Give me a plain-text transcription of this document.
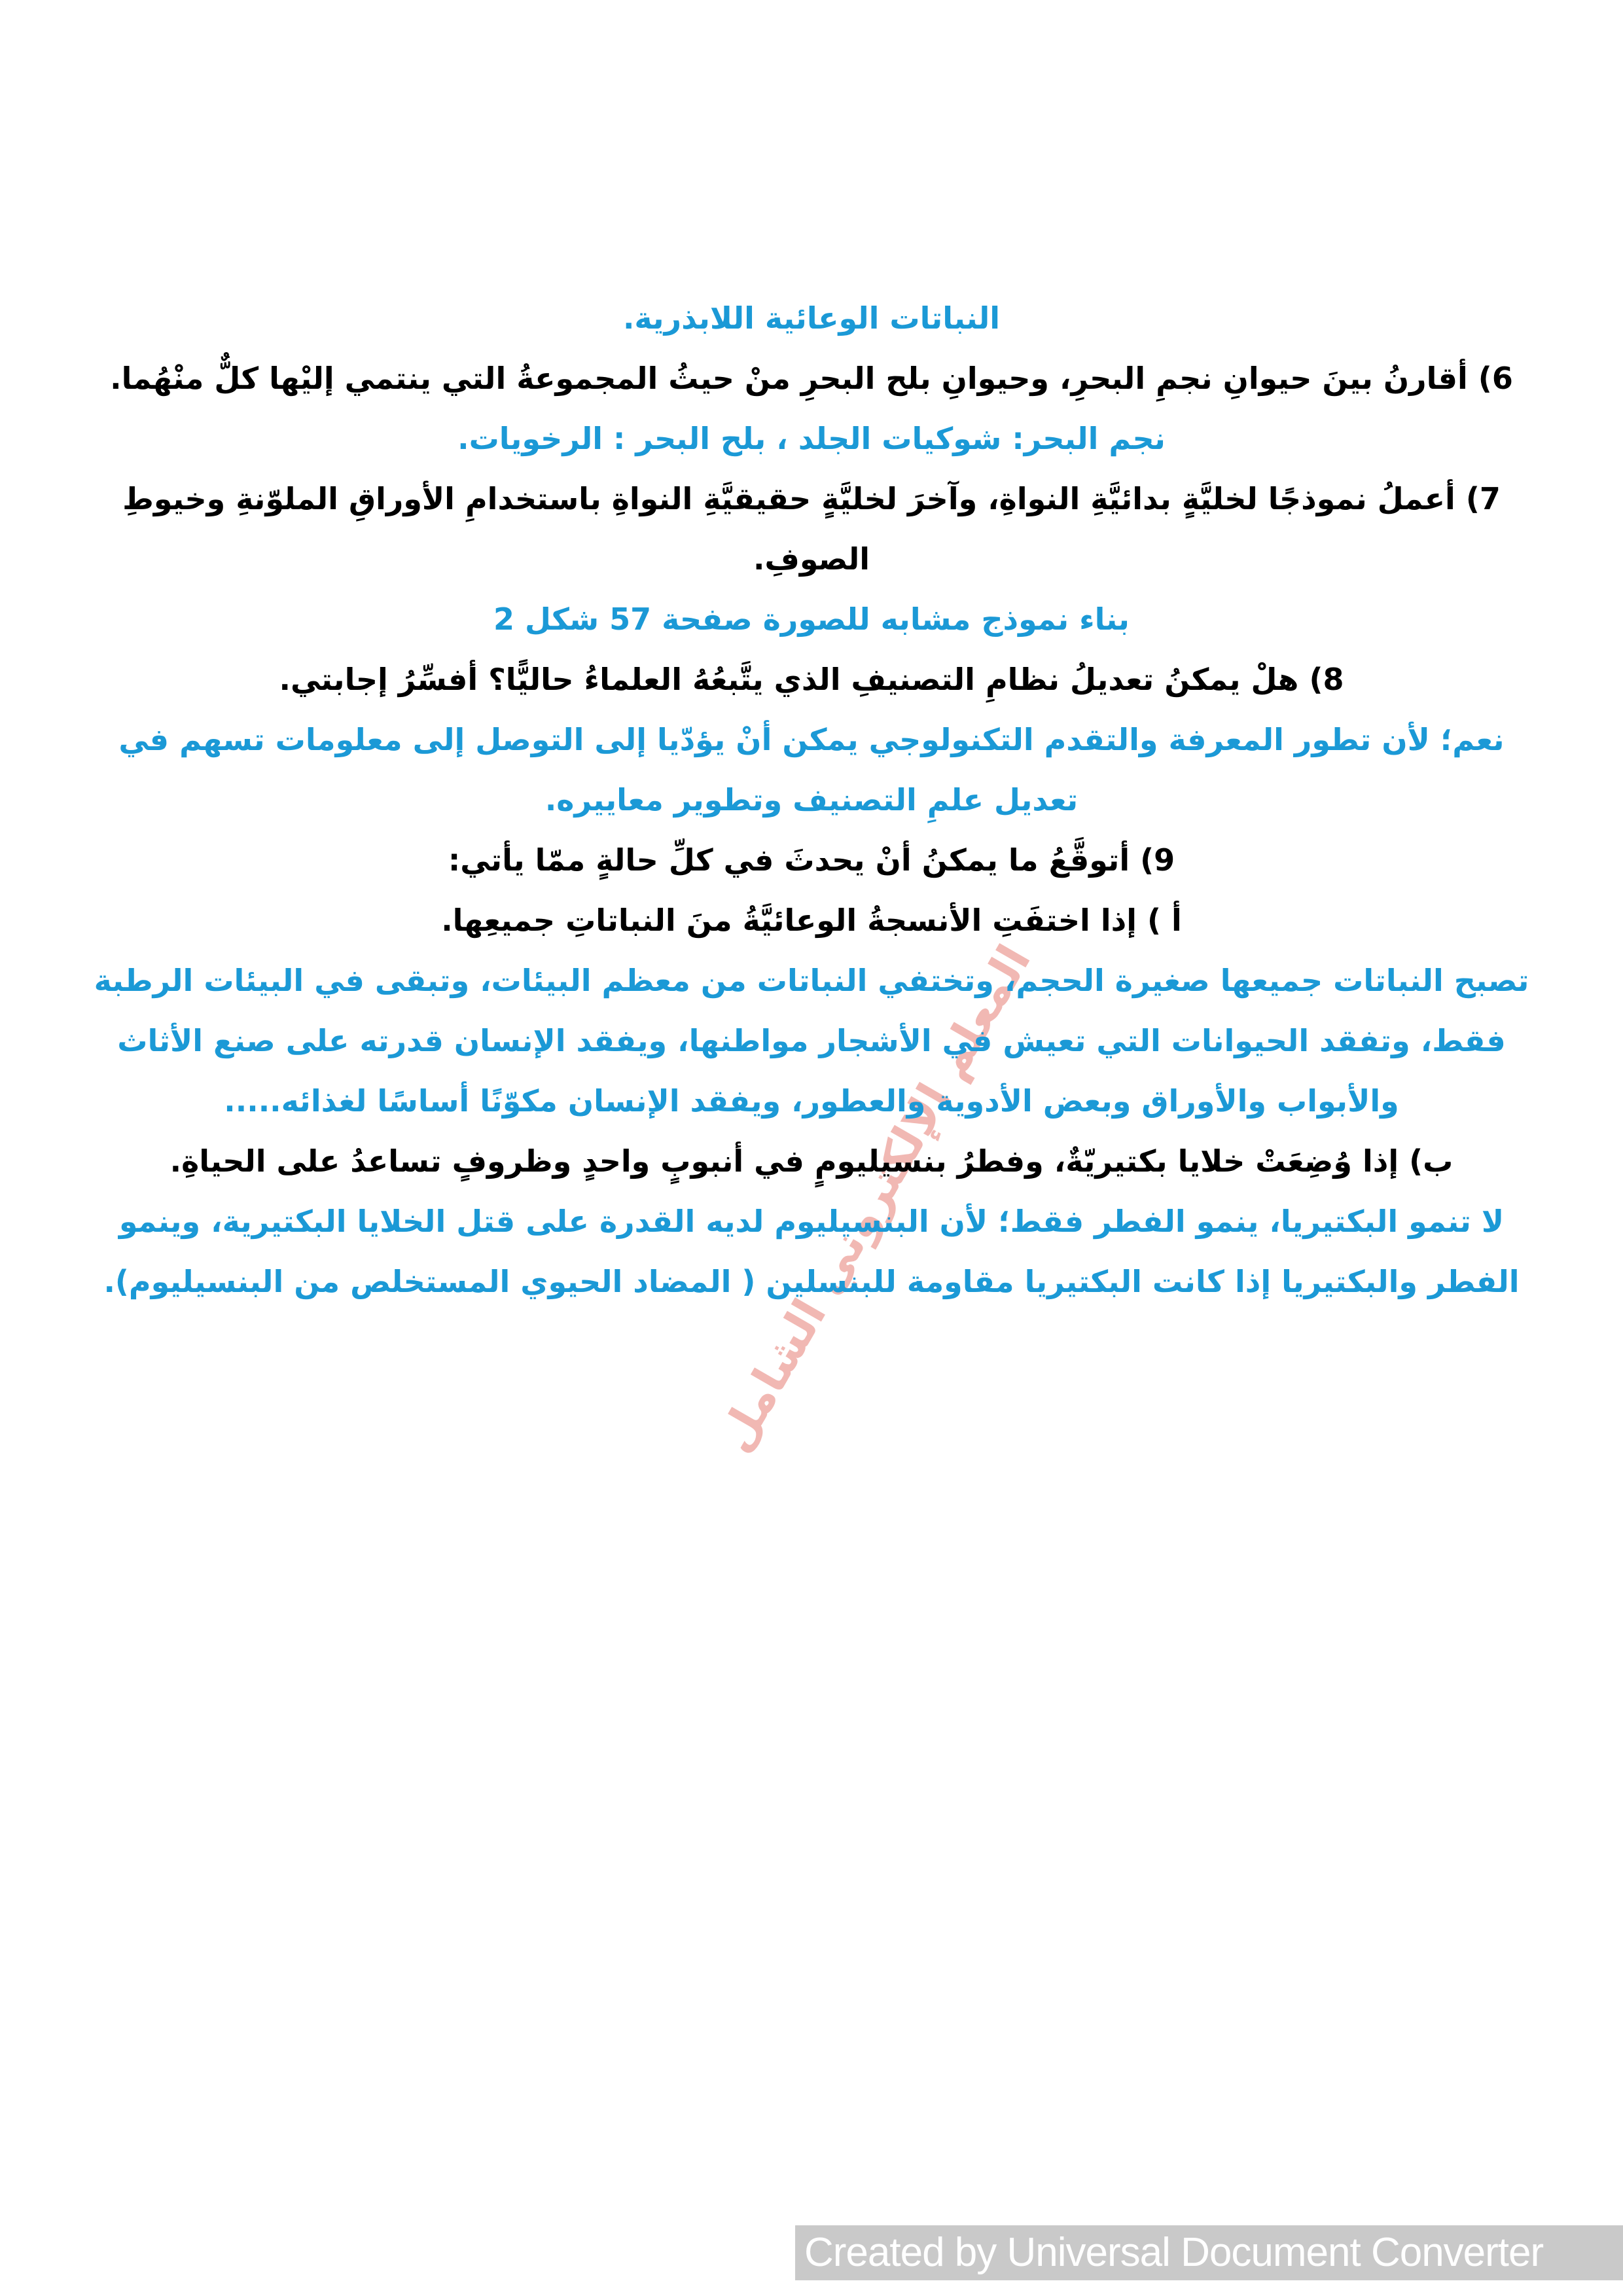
المعلم الإلكتروني الشامل

النباتات الوعائية اللابذرية.

6) أقارنُ بينَ حيوانِ نجمِ البحرِ، وحيوانِ بلح البحرِ منْ حيثُ المجموعةُ التي ينتمي إليْها كلٌّ منْهُما.

نجم البحر: شوكيات الجلد ، بلح البحر : الرخويات.

7) أعملُ نموذجًا لخليَّةٍ بدائيَّةِ النواةِ، وآخرَ لخليَّةٍ حقيقيَّةِ النواةِ باستخدامِ الأوراقِ الملوّنةِ وخيوطِ الصوفِ.

بناء نموذج مشابه للصورة صفحة 57 شكل 2

8) هلْ يمكنُ تعديلُ نظامِ التصنيفِ الذي يتَّبعُهُ العلماءُ حاليًّا؟ أفسِّرُ إجابتي.

نعم؛ لأن تطور المعرفة والتقدم التكنولوجي يمكن أنْ يؤدّيا إلى التوصل إلى معلومات تسهم في تعديل علمِ التصنيف وتطوير معاييره.

9) أتوقَّعُ ما يمكنُ أنْ يحدثَ في كلِّ حالةٍ ممّا يأتي:

أ ) إذا اختفَتِ الأنسجةُ الوعائيَّةُ منَ النباتاتِ جميعِها.

تصبح النباتات جميعها صغيرة الحجم، وتختفي النباتات من معظم البيئات، وتبقى في البيئات الرطبة فقط، وتفقد الحيوانات التي تعيش في الأشجار مواطنها، ويفقد الإنسان قدرته على صنع الأثاث والأبواب والأوراق وبعض الأدوية والعطور، ويفقد الإنسان مكوّنًا أساسًا لغذائه.....

ب) إذا وُضِعَتْ خلايا بكتيريّةٌ، وفطرُ بنسيليومٍ في أنبوبٍ واحدٍ وظروفٍ تساعدُ على الحياةِ.

لا تنمو البكتيريا، ينمو الفطر فقط؛ لأن البنسيليوم لديه القدرة على قتل الخلايا البكتيرية، وينمو الفطر والبكتيريا إذا كانت البكتيريا مقاومة للبنسلين ( المضاد الحيوي المستخلص من البنسيليوم).

Created by Universal Document Converter
